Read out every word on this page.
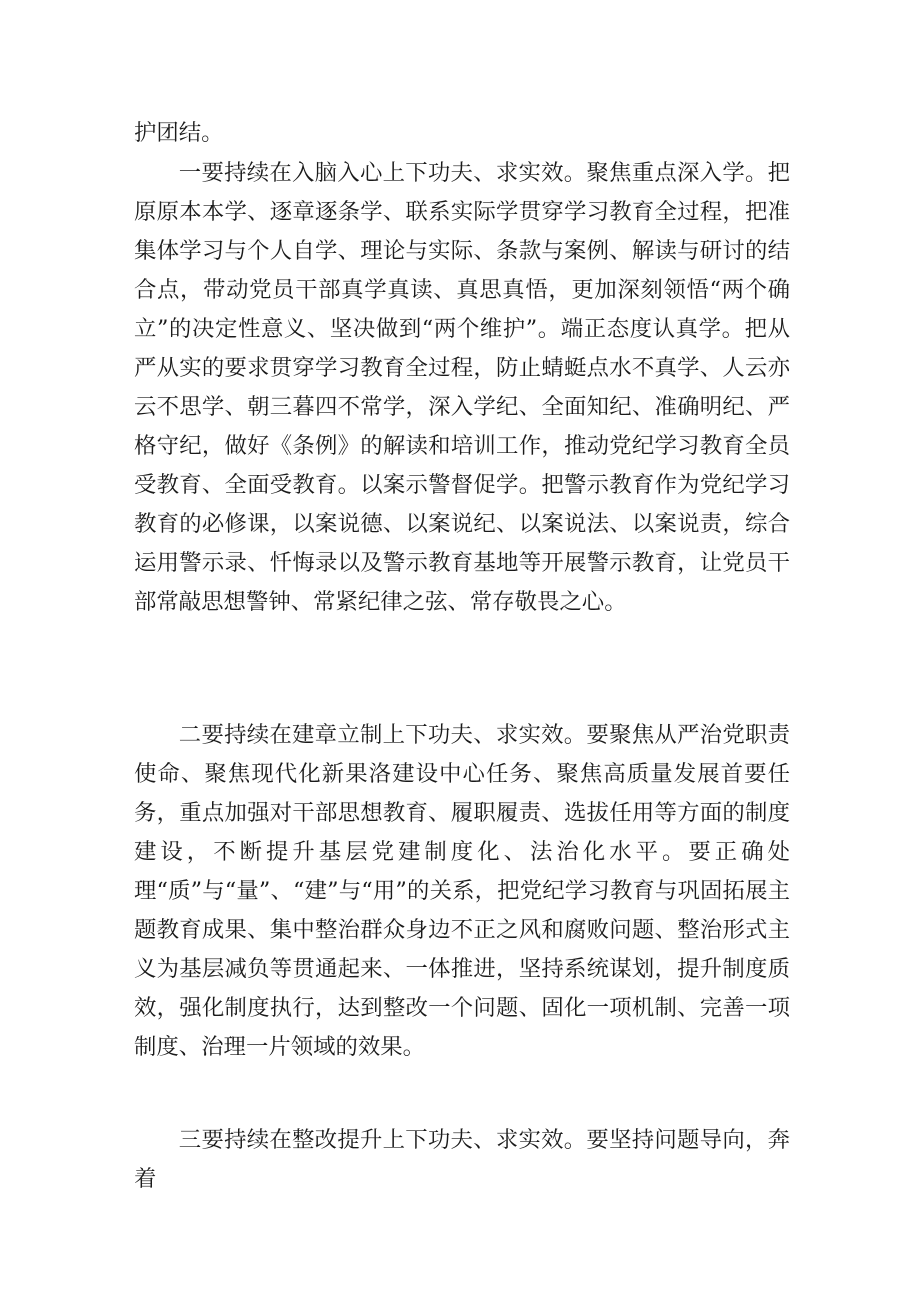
护团结。

一要持续在入脑入心上下功夫、求实效。聚焦重点深入学。把原原本本学、逐章逐条学、联系实际学贯穿学习教育全过程，把准集体学习与个人自学、理论与实际、条款与案例、解读与研讨的结合点，带动党员干部真学真读、真思真悟，更加深刻领悟“两个确立”的决定性意义、坚决做到“两个维护”。端正态度认真学。把从严从实的要求贯穿学习教育全过程，防止蜻蜓点水不真学、人云亦云不思学、朝三暮四不常学，深入学纪、全面知纪、准确明纪、严格守纪，做好《条例》的解读和培训工作，推动党纪学习教育全员受教育、全面受教育。以案示警督促学。把警示教育作为党纪学习教育的必修课，以案说德、以案说纪、以案说法、以案说责，综合运用警示录、忏悔录以及警示教育基地等开展警示教育，让党员干部常敲思想警钟、常紧纪律之弦、常存敬畏之心。

二要持续在建章立制上下功夫、求实效。要聚焦从严治党职责使命、聚焦现代化新果洛建设中心任务、聚焦高质量发展首要任务，重点加强对干部思想教育、履职履责、选拔任用等方面的制度建设，不断提升基层党建制度化、法治化水平。要正确处理“质”与“量”、“建”与“用”的关系，把党纪学习教育与巩固拓展主题教育成果、集中整治群众身边不正之风和腐败问题、整治形式主义为基层减负等贯通起来、一体推进，坚持系统谋划，提升制度质效，强化制度执行，达到整改一个问题、固化一项机制、完善一项制度、治理一片领域的效果。

三要持续在整改提升上下功夫、求实效。要坚持问题导向，奔着
